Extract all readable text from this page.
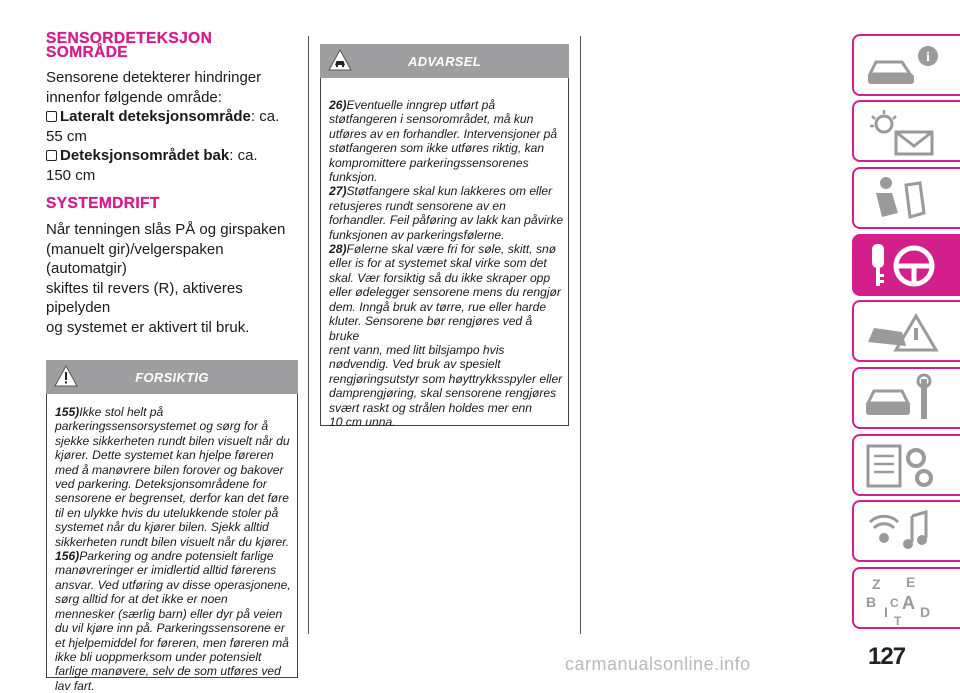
SENSORDETEKSJON
SOMRÅDE
Sensorene detekterer hindringer
innenfor følgende område:
Lateralt deteksjonsområde: ca.
55 cm
Deteksjonsområdet bak: ca.
150 cm
SYSTEMDRIFT
Når tenningen slås PÅ og girspaken
(manuelt gir)/velgerspaken (automatgir)
skiftes til revers (R), aktiveres pipelyden
og systemet er aktivert til bruk.
FORSIKTIG

155)Ikke stol helt på
parkeringssensorsystemet og sørg for å
sjekke sikkerheten rundt bilen visuelt når du
kjører. Dette systemet kan hjelpe føreren
med å manøvrere bilen forover og bakover
ved parkering. Deteksjonsområdene for
sensorene er begrenset, derfor kan det føre
til en ulykke hvis du utelukkende stoler på
systemet når du kjører bilen. Sjekk alltid
sikkerheten rundt bilen visuelt når du kjører.

156)Parkering og andre potensielt farlige
manøvreringer er imidlertid alltid førerens
ansvar. Ved utføring av disse operasjonene,
sørg alltid for at det ikke er noen
mennesker (særlig barn) eller dyr på veien
du vil kjøre inn på. Parkeringssensorene er
et hjelpemiddel for føreren, men føreren må
ikke bli uoppmerksom under potensielt
farlige manøvere, selv de som utføres ved
lav fart.

ADVARSEL

26)Eventuelle inngrep utført på
støtfangeren i sensorområdet, må kun
utføres av en forhandler. Intervensjoner på
støtfangeren som ikke utføres riktig, kan
kompromittere parkeringssensorenes
funksjon.

27)Støtfangere skal kun lakkeres om eller
retusjeres rundt sensorene av en
forhandler. Feil påføring av lakk kan påvirke
funksjonen av parkeringsfølerne.

28)Følerne skal være fri for søle, skitt, snø
eller is for at systemet skal virke som det
skal. Vær forsiktig så du ikke skraper opp
eller ødelegger sensorene mens du rengjør
dem. Inngå bruk av tørre, rue eller harde
kluter. Sensorene bør rengjøres ved å bruke
rent vann, med litt bilsjampo hvis
nødvendig. Ved bruk av spesielt
rengjøringsutstyr som høyttrykksspyler eller
damprengjøring, skal sensorene rengjøres
svært raskt og strålen holdes mer enn
10 cm unna.

i
Z E
B A
I
C
T
D
127
carmanualsonline.info
